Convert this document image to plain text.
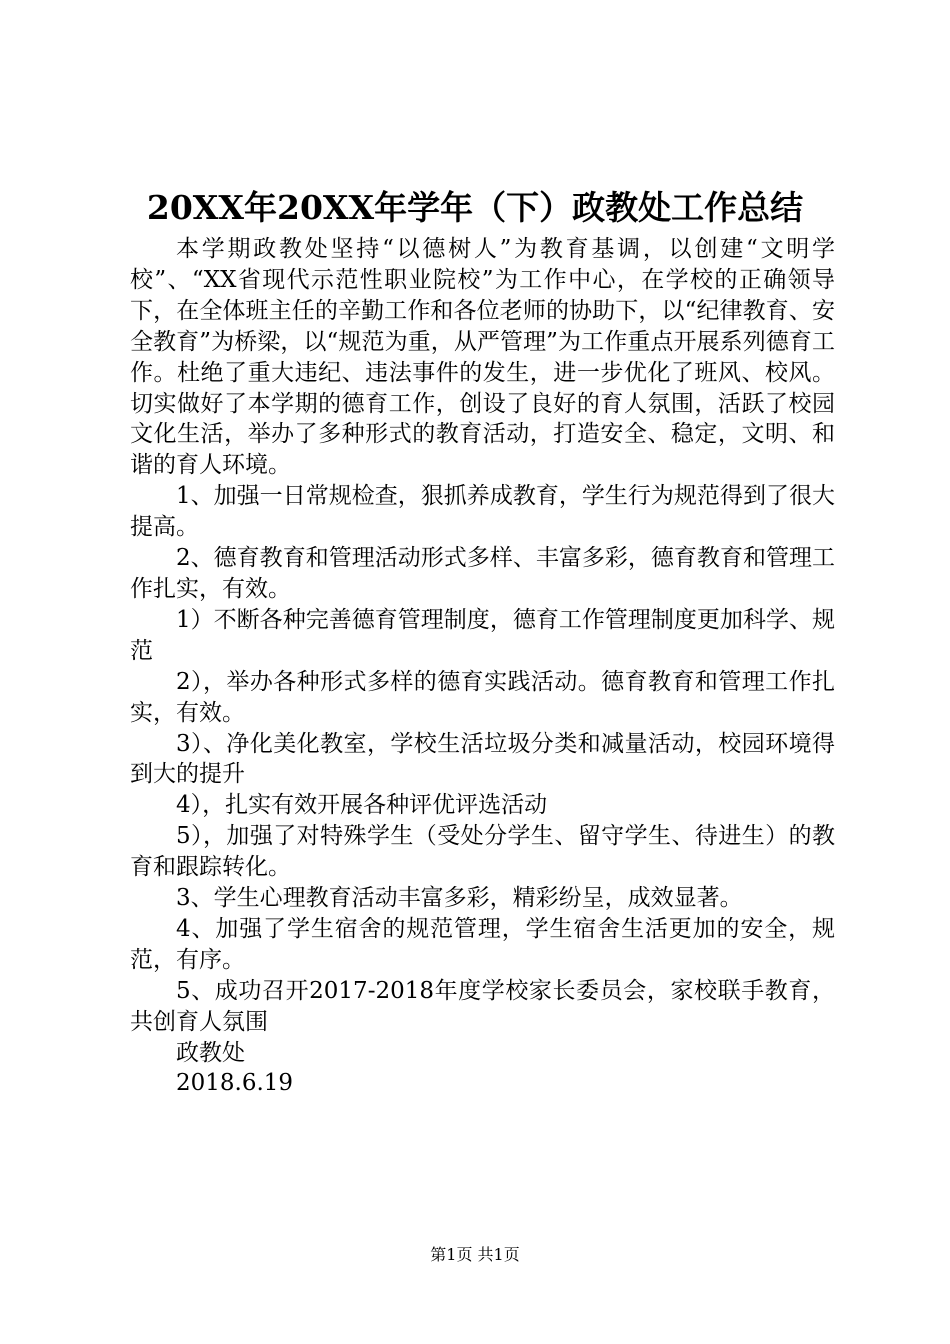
20XX年20XX年学年（下）政教处工作总结

本学期政教处坚持“以德树人”为教育基调，以创建“文明学校”、“XX省现代示范性职业院校”为工作中心，在学校的正确领导下，在全体班主任的辛勤工作和各位老师的协助下，以“纪律教育、安全教育”为桥梁，以“规范为重，从严管理”为工作重点开展系列德育工作。杜绝了重大违纪、违法事件的发生，进一步优化了班风、校风。切实做好了本学期的德育工作，创设了良好的育人氛围，活跃了校园文化生活，举办了多种形式的教育活动，打造安全、稳定，文明、和谐的育人环境。

1、加强一日常规检查，狠抓养成教育，学生行为规范得到了很大提高。

2、德育教育和管理活动形式多样、丰富多彩，德育教育和管理工作扎实，有效。

1）不断各种完善德育管理制度，德育工作管理制度更加科学、规范

2），举办各种形式多样的德育实践活动。德育教育和管理工作扎实，有效。

3）、净化美化教室，学校生活垃圾分类和减量活动，校园环境得到大的提升

4），扎实有效开展各种评优评选活动

5），加强了对特殊学生（受处分学生、留守学生、待进生）的教育和跟踪转化。

3、学生心理教育活动丰富多彩，精彩纷呈，成效显著。

4、加强了学生宿舍的规范管理，学生宿舍生活更加的安全，规范，有序。

5、成功召开2017-2018年度学校家长委员会，家校联手教育，共创育人氛围

政教处

2018.6.19

第1页 共1页
